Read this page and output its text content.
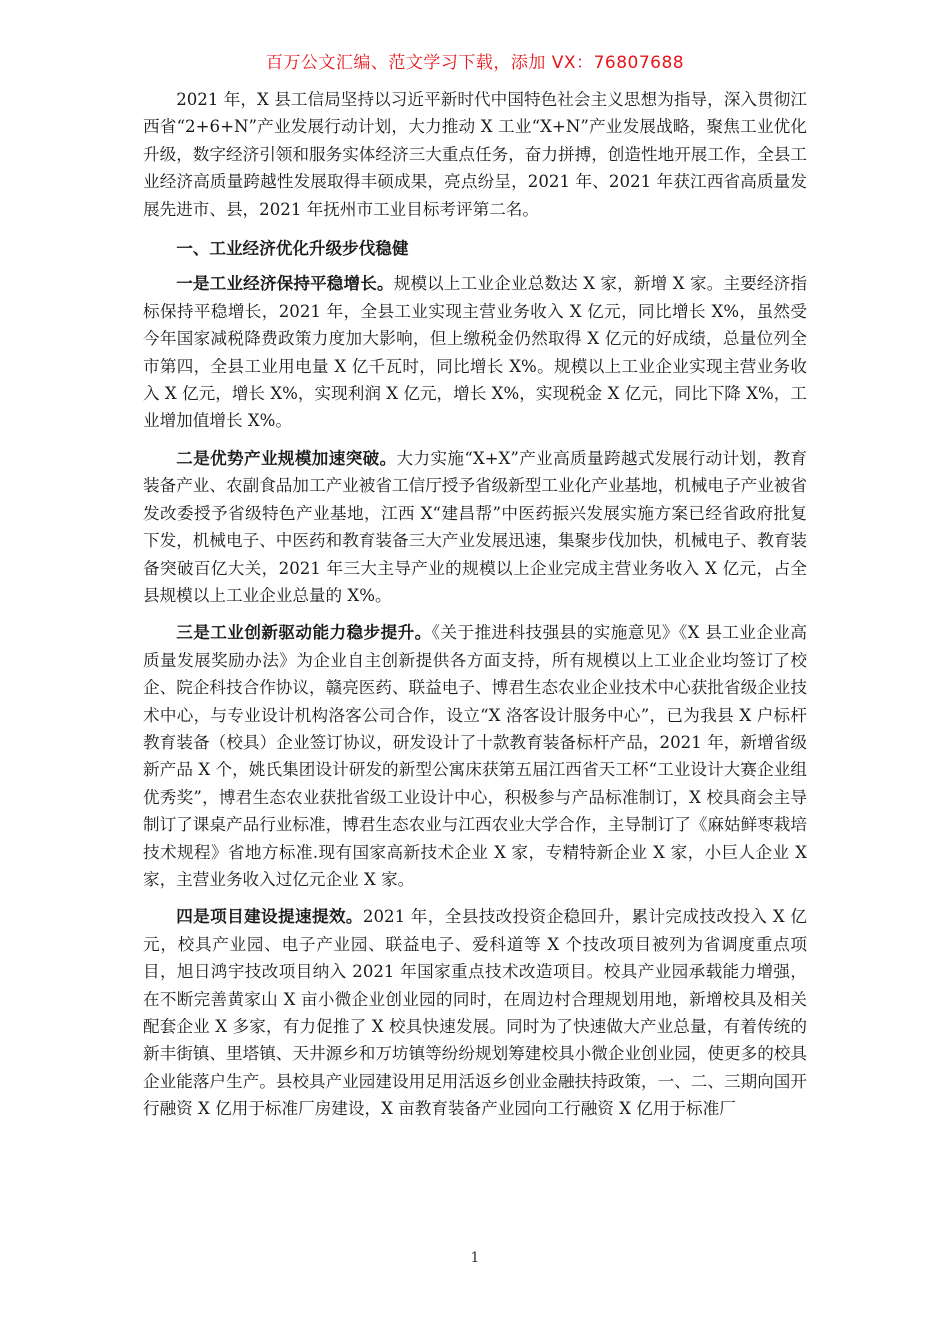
百万公文汇编、范文学习下载，添加 VX：76807688

2021 年，X 县工信局坚持以习近平新时代中国特色社会主义思想为指导，深入贯彻江西省“2+6+N”产业发展行动计划，大力推动 X 工业“X+N”产业发展战略，聚焦工业优化升级，数字经济引领和服务实体经济三大重点任务，奋力拼搏，创造性地开展工作，全县工业经济高质量跨越性发展取得丰硕成果，亮点纷呈，2021 年、2021 年获江西省高质量发展先进市、县，2021 年抚州市工业目标考评第二名。

一、工业经济优化升级步伐稳健

一是工业经济保持平稳增长。规模以上工业企业总数达 X 家，新增 X 家。主要经济指标保持平稳增长，2021 年，全县工业实现主营业务收入 X 亿元，同比增长 X%，虽然受今年国家减税降费政策力度加大影响，但上缴税金仍然取得 X 亿元的好成绩，总量位列全市第四，全县工业用电量 X 亿千瓦时，同比增长 X%。规模以上工业企业实现主营业务收入 X 亿元，增长 X%，实现利润 X 亿元，增长 X%，实现税金 X 亿元，同比下降 X%，工业增加值增长 X%。

二是优势产业规模加速突破。大力实施“X+X”产业高质量跨越式发展行动计划，教育装备产业、农副食品加工产业被省工信厅授予省级新型工业化产业基地，机械电子产业被省发改委授予省级特色产业基地，江西 X“建昌帮”中医药振兴发展实施方案已经省政府批复下发，机械电子、中医药和教育装备三大产业发展迅速，集聚步伐加快，机械电子、教育装备突破百亿大关，2021 年三大主导产业的规模以上企业完成主营业务收入 X 亿元，占全县规模以上工业企业总量的 X%。

三是工业创新驱动能力稳步提升。《关于推进科技强县的实施意见》《X 县工业企业高质量发展奖励办法》为企业自主创新提供各方面支持，所有规模以上工业企业均签订了校企、院企科技合作协议，赣亮医药、联益电子、博君生态农业企业技术中心获批省级企业技术中心，与专业设计机构洛客公司合作，设立“X 洛客设计服务中心”，已为我县 X 户标杆教育装备（校具）企业签订协议，研发设计了十款教育装备标杆产品，2021 年，新增省级新产品 X 个，姚氏集团设计研发的新型公寓床获第五届江西省天工杯“工业设计大赛企业组优秀奖”，博君生态农业获批省级工业设计中心，积极参与产品标准制订，X 校具商会主导制订了课桌产品行业标准，博君生态农业与江西农业大学合作，主导制订了《麻姑鲜枣栽培技术规程》省地方标准.现有国家高新技术企业 X 家，专精特新企业 X 家，小巨人企业 X 家，主营业务收入过亿元企业 X 家。

四是项目建设提速提效。2021 年，全县技改投资企稳回升，累计完成技改投入 X 亿元，校具产业园、电子产业园、联益电子、爱科道等 X 个技改项目被列为省调度重点项目，旭日鸿宇技改项目纳入 2021 年国家重点技术改造项目。校具产业园承载能力增强，在不断完善黄家山 X 亩小微企业创业园的同时，在周边村合理规划用地，新增校具及相关配套企业 X 多家，有力促推了 X 校具快速发展。同时为了快速做大产业总量，有着传统的新丰街镇、里塔镇、天井源乡和万坊镇等纷纷规划筹建校具小微企业创业园，使更多的校具企业能落户生产。县校具产业园建设用足用活返乡创业金融扶持政策，一、二、三期向国开行融资 X 亿用于标准厂房建设，X 亩教育装备产业园向工行融资 X 亿用于标准厂

1
